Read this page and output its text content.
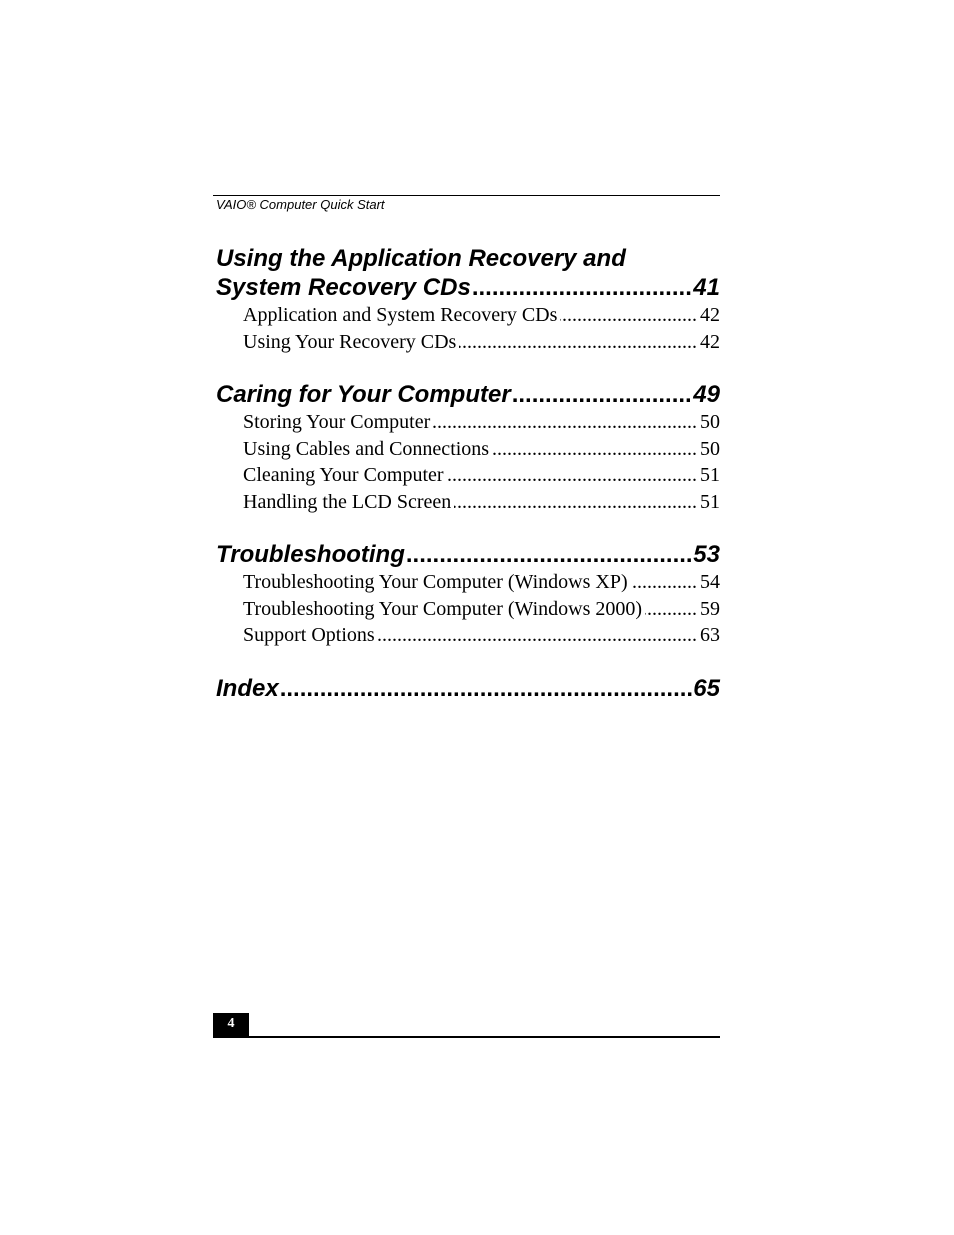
VAIO® Computer Quick Start
Using the Application Recovery and
System Recovery CDs .....	41
Application and System Recovery CDs .....	42
Using Your Recovery CDs .....	42
Caring for Your Computer .....	49
Storing Your Computer .....	50
Using Cables and Connections .....	50
Cleaning Your Computer .....	51
Handling the LCD Screen .....	51
Troubleshooting .....	53
Troubleshooting Your Computer (Windows XP) .....	54
Troubleshooting Your Computer (Windows 2000) .....	59
Support Options .....	63
Index .....	65
4
